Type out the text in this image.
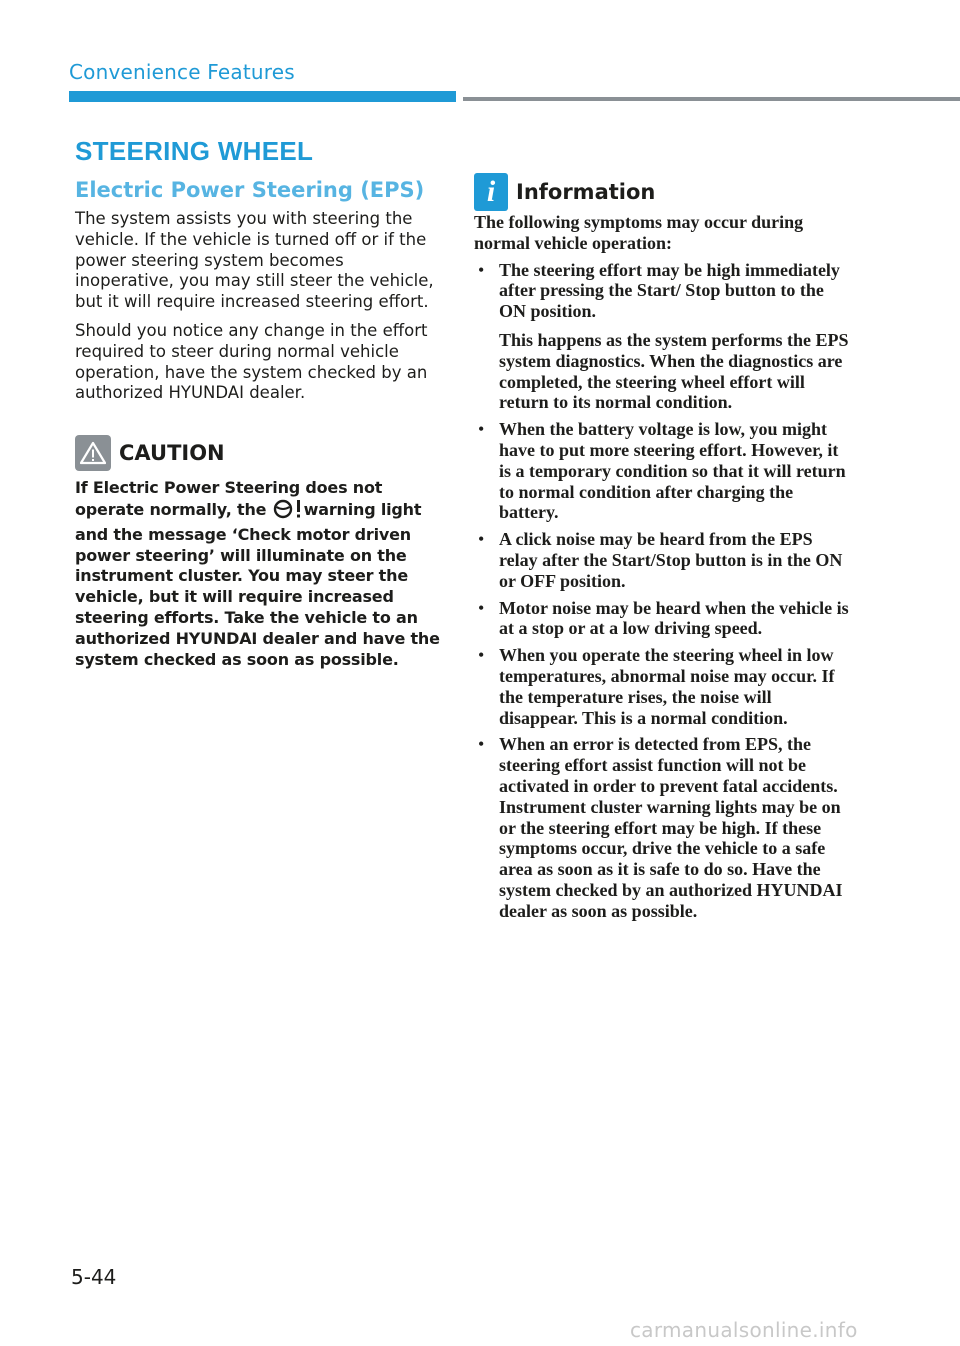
Convenience Features
STEERING WHEEL
Electric Power Steering (EPS)

The system assists you with steering the vehicle. If the vehicle is turned off or if the power steering system becomes inoperative, you may still steer the vehicle, but it will require increased steering effort.

Should you notice any change in the effort required to steer during normal vehicle operation, have the system checked by an authorized HYUNDAI dealer.

CAUTION

If Electric Power Steering does not operate normally, the warning light and the message ‘Check motor driven power steering’ will illuminate on the instrument cluster. You may steer the vehicle, but it will require increased steering efforts. Take the vehicle to an authorized HYUNDAI dealer and have the system checked as soon as possible.

i Information

The following symptoms may occur during normal vehicle operation:

• The steering effort may be high immediately after pressing the Start/ Stop button to the ON position.

This happens as the system performs the EPS system diagnostics. When the diagnostics are completed, the steering wheel effort will return to its normal condition.

• When the battery voltage is low, you might have to put more steering effort. However, it is a temporary condition so that it will return to normal condition after charging the battery.

• A click noise may be heard from the EPS relay after the Start/Stop button is in the ON or OFF position.

• Motor noise may be heard when the vehicle is at a stop or at a low driving speed.

• When you operate the steering wheel in low temperatures, abnormal noise may occur. If the temperature rises, the noise will disappear. This is a normal condition.

• When an error is detected from EPS, the steering effort assist function will not be activated in order to prevent fatal accidents. Instrument cluster warning lights may be on or the steering effort may be high. If these symptoms occur, drive the vehicle to a safe area as soon as it is safe to do so. Have the system checked by an authorized HYUNDAI dealer as soon as possible.

5-44
carmanualsonline.info
